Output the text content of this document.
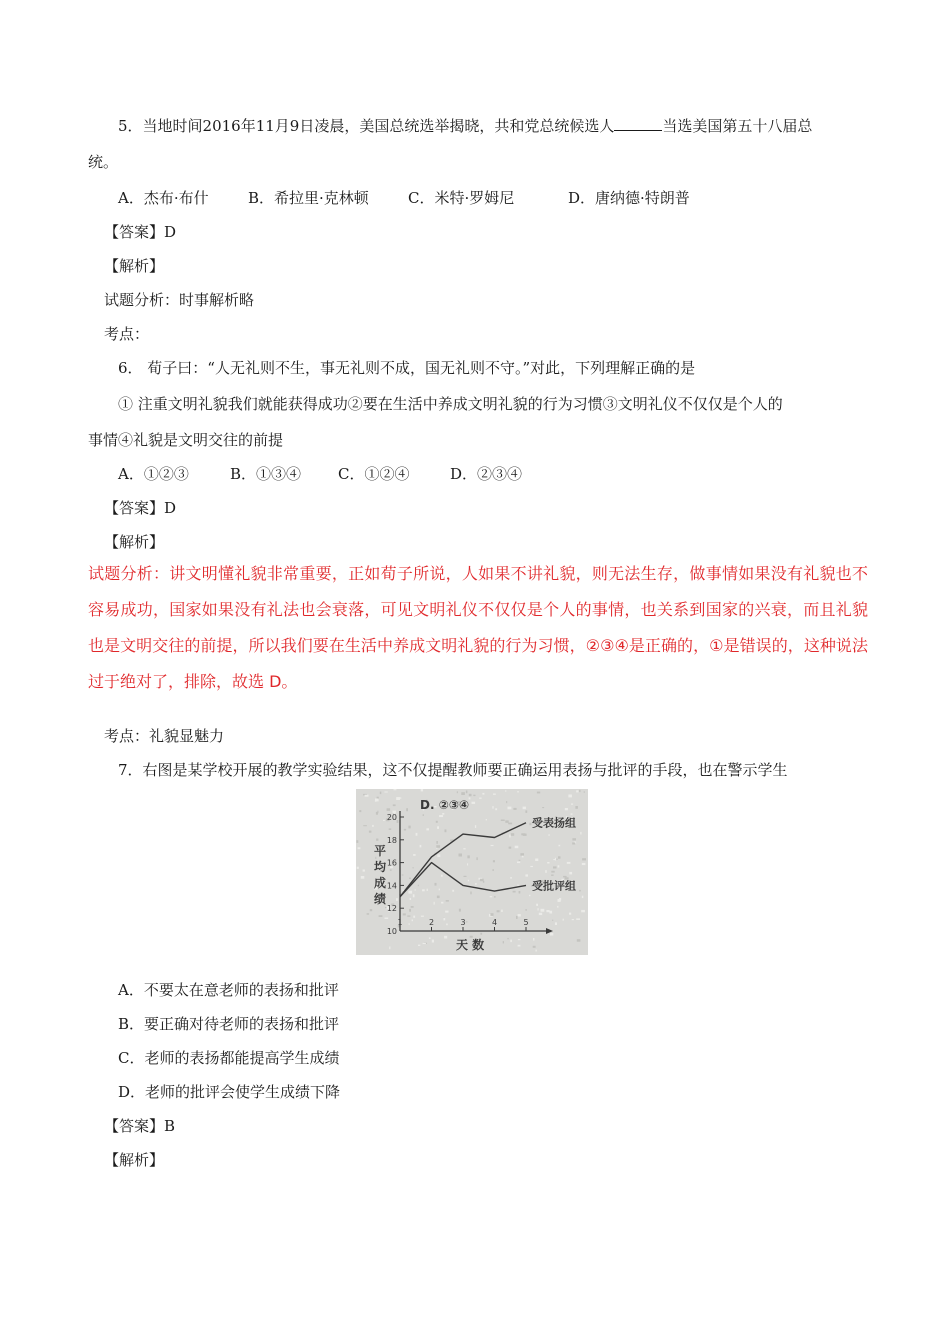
5．当地时间2016年11月9日凌晨，美国总统选举揭晓，共和党总统候选人	当选美国第五十八届总
统。
A．杰布·布什	B．希拉里·克林顿	C．米特·罗姆尼	D．唐纳德·特朗普
【答案】D
【解析】
试题分析：时事解析略
考点：
6． 荀子曰：“人无礼则不生，事无礼则不成，国无礼则不守。”对此，下列理解正确的是
① 注重文明礼貌我们就能获得成功②要在生活中养成文明礼貌的行为习惯③文明礼仪不仅仅是个人的
事情④礼貌是文明交往的前提
A．①②③	B．①③④ C．①②④	D．②③④
【答案】D
【解析】
试题分析：讲文明懂礼貌非常重要，正如荀子所说，人如果不讲礼貌，则无法生存，做事情如果没有礼貌也不容易成功，国家如果没有礼法也会衰落，可见文明礼仪不仅仅是个人的事情，也关系到国家的兴衰，而且礼貌也是文明交往的前提，所以我们要在生活中养成文明礼貌的行为习惯，②③④是正确的，①是错误的，这种说法过于绝对了，排除，故选 D。
考点：礼貌显魅力
7．右图是某学校开展的教学实验结果，这不仅提醒教师要正确运用表扬与批评的手段，也在警示学生
D. ②③④
平
均
成
绩
10
12
14
16
18
20
1	2	3	4	5
受表扬组
受批评组
天 数
A．不要太在意老师的表扬和批评
B．要正确对待老师的表扬和批评
C．老师的表扬都能提高学生成绩
D．老师的批评会使学生成绩下降
【答案】B
【解析】
